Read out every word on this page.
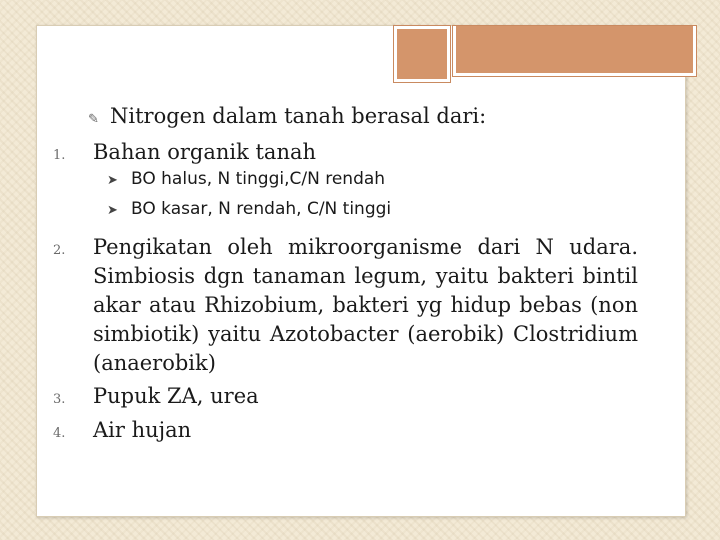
✎ Nitrogen dalam tanah berasal dari:
1.	Bahan organik tanah
➤ BO halus, N tinggi,C/N rendah
➤ BO kasar, N rendah, C/N tinggi
2.	Pengikatan oleh mikroorganisme dari N udara. Simbiosis dgn tanaman legum, yaitu bakteri bintil akar atau Rhizobium, bakteri yg hidup bebas (non simbiotik) yaitu Azotobacter (aerobik) Clostridium (anaerobik)
3.	Pupuk ZA, urea
4.	Air hujan
